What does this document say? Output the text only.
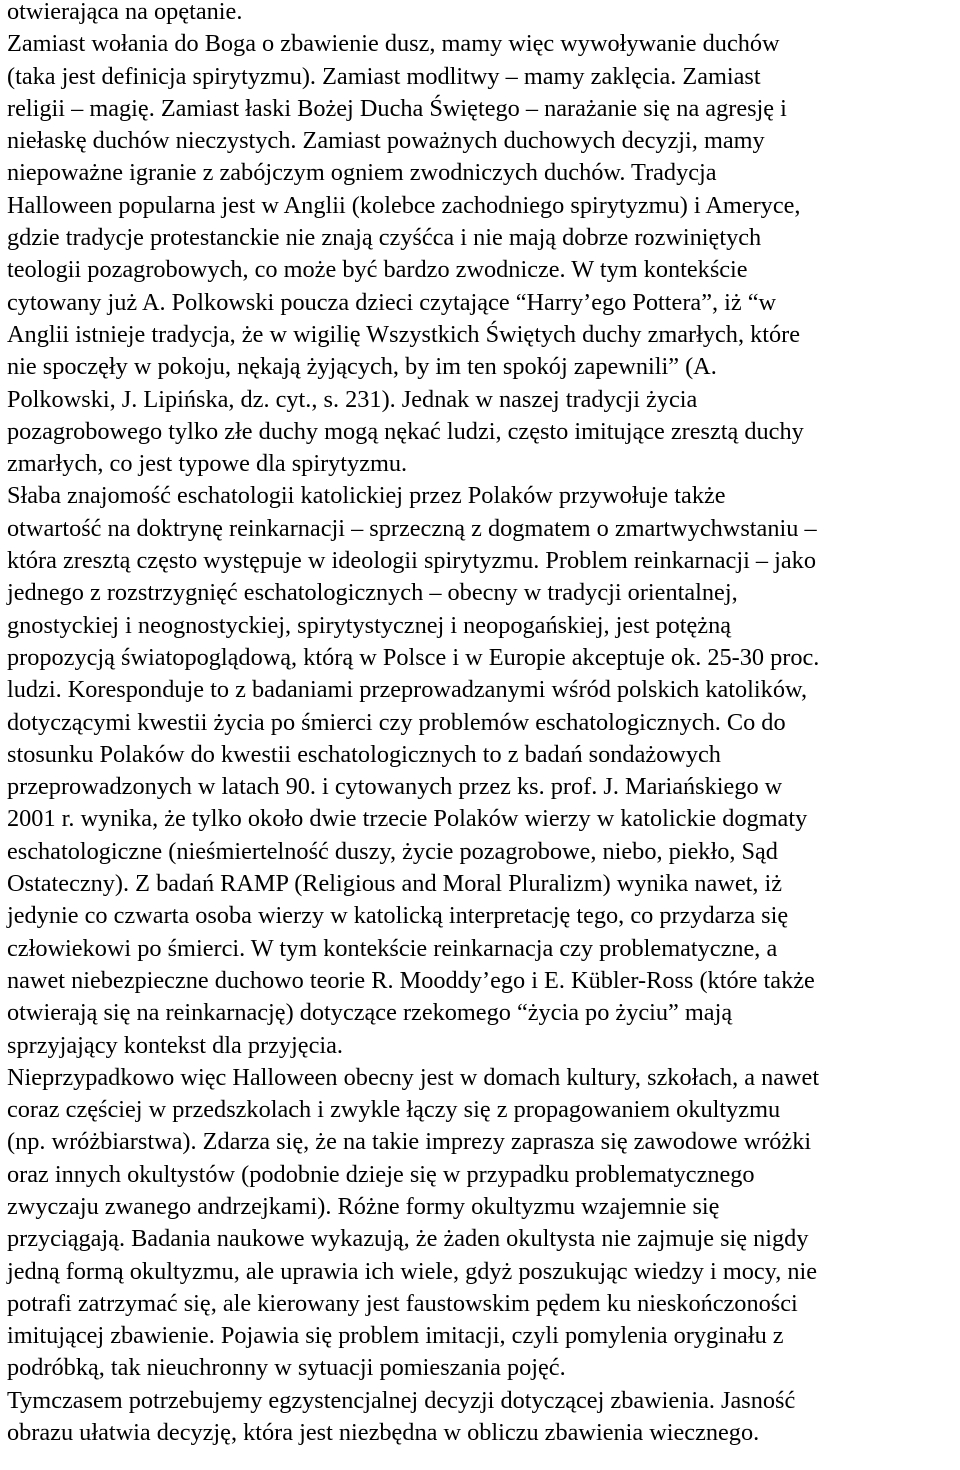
otwierająca na opętanie.
Zamiast wołania do Boga o zbawienie dusz, mamy więc wywoływanie duchów
(taka jest definicja spirytyzmu). Zamiast modlitwy – mamy zaklęcia. Zamiast
religii – magię. Zamiast łaski Bożej Ducha Świętego – narażanie się na agresję i
niełaskę duchów nieczystych. Zamiast poważnych duchowych decyzji, mamy
niepoważne igranie z zabójczym ogniem zwodniczych duchów. Tradycja
Halloween popularna jest w Anglii (kolebce zachodniego spirytyzmu) i Ameryce,
gdzie tradycje protestanckie nie znają czyśćca i nie mają dobrze rozwiniętych
teologii pozagrobowych, co może być bardzo zwodnicze. W tym kontekście
cytowany już A. Polkowski poucza dzieci czytające “Harry’ego Pottera”, iż “w
Anglii istnieje tradycja, że w wigilię Wszystkich Świętych duchy zmarłych, które
nie spoczęły w pokoju, nękają żyjących, by im ten spokój zapewnili” (A.
Polkowski, J. Lipińska, dz. cyt., s. 231). Jednak w naszej tradycji życia
pozagrobowego tylko złe duchy mogą nękać ludzi, często imitujące zresztą duchy
zmarłych, co jest typowe dla spirytyzmu.
Słaba znajomość eschatologii katolickiej przez Polaków przywołuje także
otwartość na doktrynę reinkarnacji – sprzeczną z dogmatem o zmartwychwstaniu –
która zresztą często występuje w ideologii spirytyzmu. Problem reinkarnacji – jako
jednego z rozstrzygnięć eschatologicznych – obecny w tradycji orientalnej,
gnostyckiej i neognostyckiej, spirytystycznej i neopogańskiej, jest potężną
propozycją światopoglądową, którą w Polsce i w Europie akceptuje ok. 25-30 proc.
ludzi. Koresponduje to z badaniami przeprowadzanymi wśród polskich katolików,
dotyczącymi kwestii życia po śmierci czy problemów eschatologicznych. Co do
stosunku Polaków do kwestii eschatologicznych to z badań sondażowych
przeprowadzonych w latach 90. i cytowanych przez ks. prof. J. Mariańskiego w
2001 r. wynika, że tylko około dwie trzecie Polaków wierzy w katolickie dogmaty
eschatologiczne (nieśmiertelność duszy, życie pozagrobowe, niebo, piekło, Sąd
Ostateczny). Z badań RAMP (Religious and Moral Pluralizm) wynika nawet, iż
jedynie co czwarta osoba wierzy w katolicką interpretację tego, co przydarza się
człowiekowi po śmierci. W tym kontekście reinkarnacja czy problematyczne, a
nawet niebezpieczne duchowo teorie R. Mooddy’ego i E. Kübler-Ross (które także
otwierają się na reinkarnację) dotyczące rzekomego “życia po życiu” mają
sprzyjający kontekst dla przyjęcia.
Nieprzypadkowo więc Halloween obecny jest w domach kultury, szkołach, a nawet
coraz częściej w przedszkolach i zwykle łączy się z propagowaniem okultyzmu
(np. wróżbiarstwa). Zdarza się, że na takie imprezy zaprasza się zawodowe wróżki
oraz innych okultystów (podobnie dzieje się w przypadku problematycznego
zwyczaju zwanego andrzejkami). Różne formy okultyzmu wzajemnie się
przyciągają. Badania naukowe wykazują, że żaden okultysta nie zajmuje się nigdy
jedną formą okultyzmu, ale uprawia ich wiele, gdyż poszukując wiedzy i mocy, nie
potrafi zatrzymać się, ale kierowany jest faustowskim pędem ku nieskończoności
imitującej zbawienie. Pojawia się problem imitacji, czyli pomylenia oryginału z
podróbką, tak nieuchronny w sytuacji pomieszania pojęć.
Tymczasem potrzebujemy egzystencjalnej decyzji dotyczącej zbawienia. Jasność
obrazu ułatwia decyzję, która jest niezbędna w obliczu zbawienia wiecznego.
